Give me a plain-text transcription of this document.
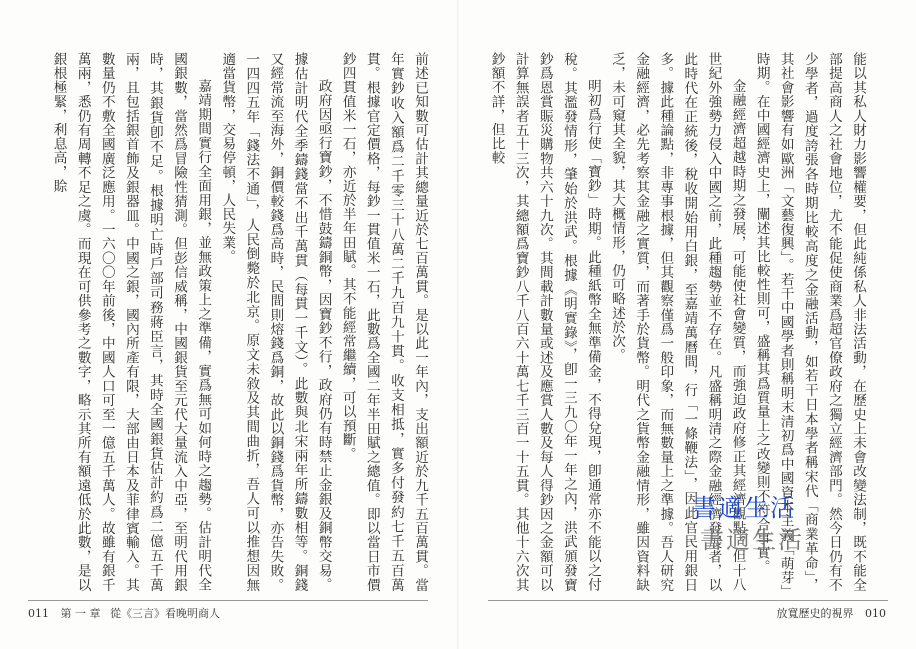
前述已知數可估計其總量近於七百萬貫。是以此一年內，支出額近於九千五百萬貫。當年實鈔收入額爲二千零三十八萬二千九百九十貫。收支相抵，實多付發約七千五百萬貫。根據官定價格，每鈔一貫值米一石，此數爲全國二年半田賦之總值。即以當日市價鈔四貫值米一石，亦近於半年田賦。其不能經常繼續，可以預斷。

政府因亟行寶鈔，不惜鼓鑄銅幣，因寶鈔不行，政府仍有時禁止金銀及銅幣交易。據估計明代全季鑄錢當不出千萬貫（每貫一千文）。此數與北宋兩年所鑄數相等。銅錢又經常流至海外，銅價較錢爲高時，民間則熔錢爲銅，故此以銅錢爲貨幣，亦告失敗。一四四五年「錢法不通」，人民倒斃於北京。原文未敘及其間曲折，吾人可以推想因無適當貨幣，交易停頓，人民失業。

嘉靖期間實行全面用銀，並無政策上之準備，實爲無可如何時之趨勢。估計明代全國銀數，當然爲冒險性猜測。但彭信威稱，中國銀貨至元代大量流入中亞，至明代用銀時，其銀貨卽不足。根據明亡時戶部司務蔣臣言，其時全國銀貨估計約爲二億五千萬兩，且包括銀首飾及銀器皿。中國之銀，國內所產有限，大部由日本及菲律賓輸入。其數量仍不敷全國廣泛應用。一六〇〇年前後，中國人口可至一億五千萬人。故雖有銀千萬兩，悉仍有周轉不足之虞。而現在可供參考之數字，略示其所有額遠低於此數，是以銀根極緊，利息高，賒

011 第 一 章 從《三言》看晚明商人

能以其私人財力影響權要，但此純係私人非法活動，在歷史上未會改變法制，既不能全部提高商人之社會地位，尤不能促使商業爲超官僚政府之獨立經濟部門。然今日仍有不少學者，過度誇張各時期比較高度之金融活動，如若干日本學者稱宋代「商業革命」，其社會影響有如歐洲「文藝復興」。若干中國學者則稱明末清初爲中國資本主義「萌芽」時期。在中國經濟史上，闡述其比較性則可，盛稱其爲質量上之改變則不符合事實。

金融經濟超越時期之發展，可能使社會變質，而強迫政府修正其經濟觀點。但十八世紀外強勢力侵入中國之前，此種趨勢並不存在。凡盛稱明清之際金融經濟發展者，以此時代在正統後，稅收開始用白銀，至嘉靖萬曆間，行「一條鞭法」，因此官民用銀日多。據此種論點，非專事根據，但其觀察僅爲一般印象，而無數量上之準據。吾人研究金融經濟，必先考察其金融之實質，而著手於貨幣。明代之貨幣金融情形，雖因資料缺乏，未可窺其全貌，其大概情形，仍可略述於次。

明初爲行使「寶鈔」時期。此種紙幣全無準備金，不得兌現，卽通常亦不能以之付稅。其濫發情形，肇始於洪武。根據《明實錄》，卽一三九〇年一年之內，洪武頒發寶鈔爲恩賞賑災購物共六十九次。其間載計數量或述及應賞人數及每人得鈔因之金額可以計算無誤者五十三次，其總額爲寶鈔八千八百六十萬七千三百一十五貫。其他十六次其鈔額不詳，但比較

放寬歷史的視界 010
書適生活
書適生活
